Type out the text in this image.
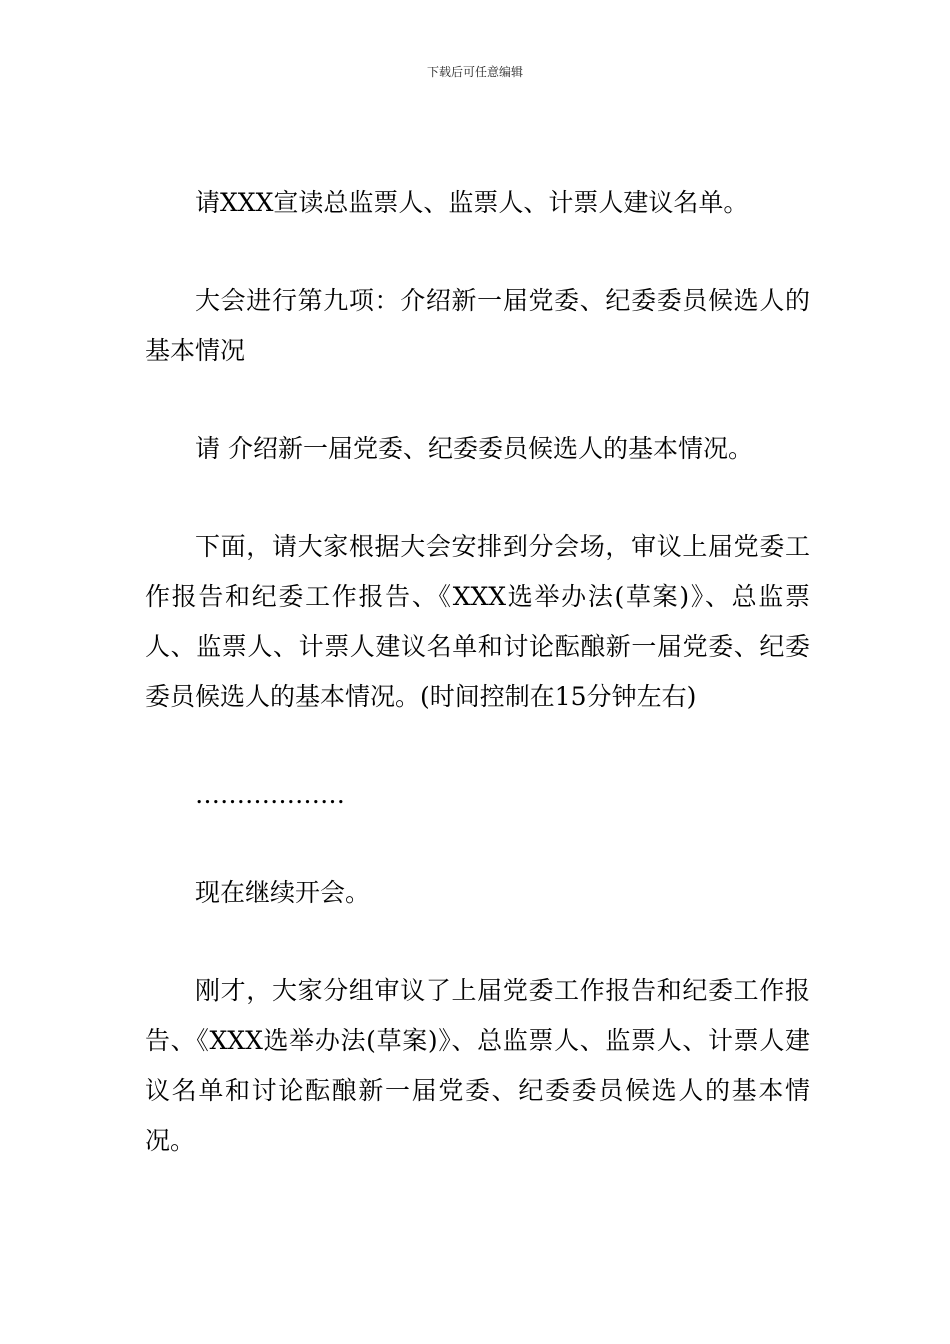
下载后可任意编辑

请XXX宣读总监票人、监票人、计票人建议名单。

大会进行第九项：介绍新一届党委、纪委委员候选人的基本情况

请 介绍新一届党委、纪委委员候选人的基本情况。

下面，请大家根据大会安排到分会场，审议上届党委工作报告和纪委工作报告、《XXX选举办法(草案)》、总监票人、监票人、计票人建议名单和讨论酝酿新一届党委、纪委委员候选人的基本情况。(时间控制在15分钟左右)

………………

现在继续开会。

刚才，大家分组审议了上届党委工作报告和纪委工作报告、《XXX选举办法(草案)》、总监票人、监票人、计票人建议名单和讨论酝酿新一届党委、纪委委员候选人的基本情况。
